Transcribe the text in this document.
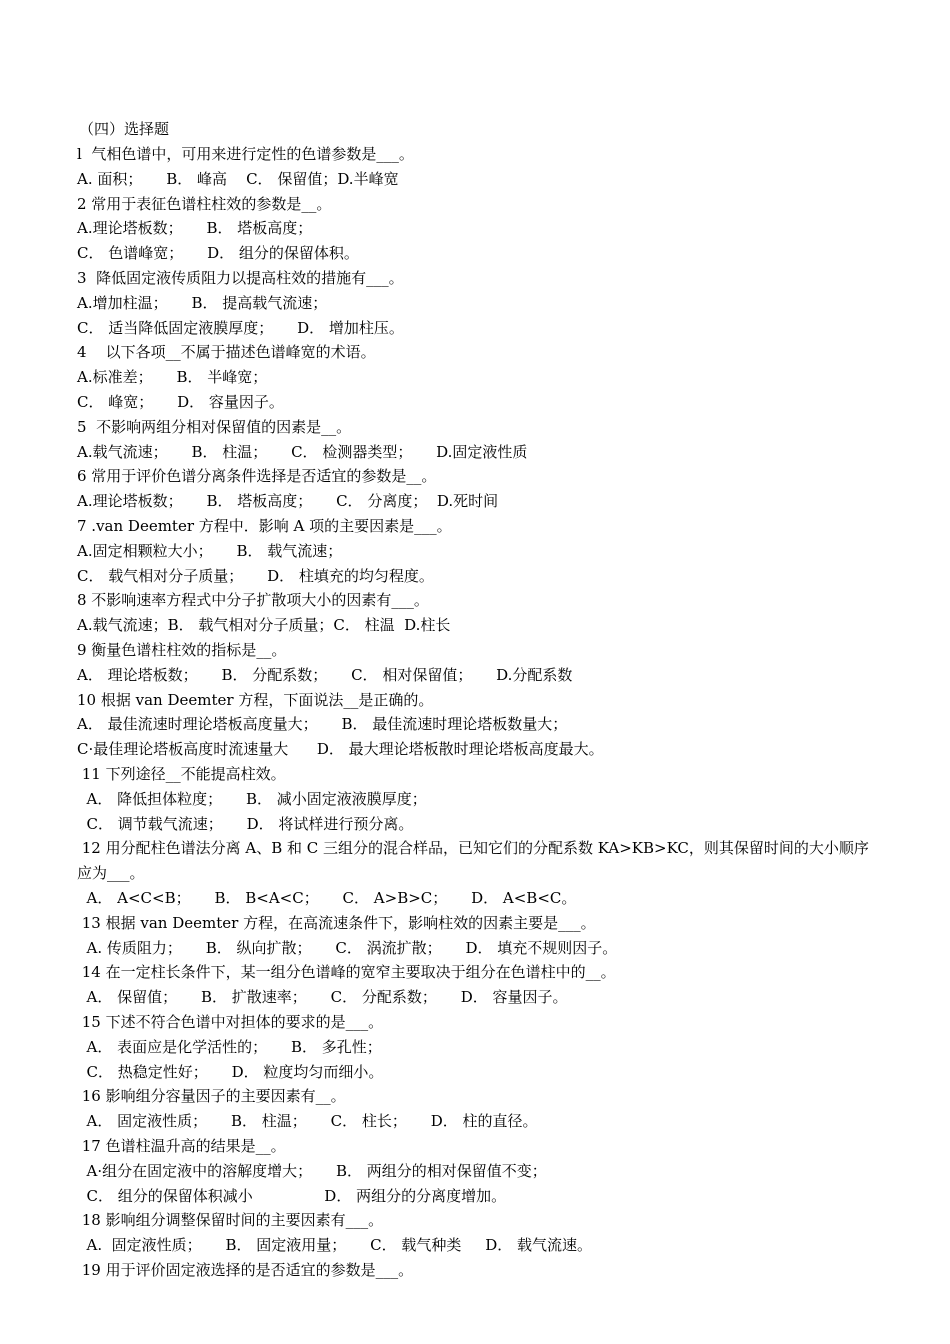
（四）选择题
l  气相色谱中，可用来进行定性的色谱参数是___。
A. 面积；     B． 峰高    C． 保留值；D.半峰宽
2 常用于表征色谱柱柱效的参数是__。
A.理论塔板数；     B． 塔板高度；
C． 色谱峰宽；     D． 组分的保留体积。
3  降低固定液传质阻力以提高柱效的措施有___。
A.增加柱温；     B． 提高载气流速；
C． 适当降低固定液膜厚度；     D． 增加柱压。
4    以下各项__不属于描述色谱峰宽的术语。
A.标准差；     B． 半峰宽；
C． 峰宽；     D． 容量因子。
5  不影响两组分相对保留值的因素是__。
A.载气流速；     B． 柱温；     C． 检测器类型；     D.固定液性质
6 常用于评价色谱分离条件选择是否适宜的参数是__。
A.理论塔板数；     B． 塔板高度；     C． 分离度；  D.死时间
7 .van Deemter 方程中．影响 A 项的主要因素是___。
A.固定相颗粒大小；     B． 载气流速；
C． 载气相对分子质量；     D． 柱填充的均匀程度。
8 不影响速率方程式中分子扩散项大小的因素有___。
A.载气流速；B． 载气相对分子质量；C． 柱温  D.柱长
9 衡量色谱柱柱效的指标是__。
A． 理论塔板数；     B． 分配系数；     C． 相对保留值；     D.分配系数
10 根据 van Deemter 方程，下面说法__是正确的。
A． 最佳流速时理论塔板高度量大；     B． 最佳流速时理论塔板数量大；
C·最佳理论塔板高度时流速量大      D． 最大理论塔板散时理论塔板高度最大。
11 下列途径__不能提高柱效。
A． 降低担体粒度；     B． 减小固定液液膜厚度；
C． 调节载气流速；     D． 将试样进行预分离。
12 用分配柱色谱法分离 A、B 和 C 三组分的混合样品，已知它们的分配系数 KA>KB>KC，则其保留时间的大小顺序
应为___。
A． A<C<B；     B． B<A<C；     C． A>B>C；     D． A<B<C。
13 根据 van Deemter 方程，在高流速条件下，影响柱效的因素主要是___。
A. 传质阻力；     B． 纵向扩散；     C． 涡流扩散；     D． 填充不规则因子。
14 在一定柱长条件下，某一组分色谱峰的宽窄主要取决于组分在色谱柱中的__。
A． 保留值；     B． 扩散速率；     C． 分配系数；     D． 容量因子。
15 下述不符合色谱中对担体的要求的是___。
A． 表面应是化学活性的；     B． 多孔性；
C． 热稳定性好；     D． 粒度均匀而细小。
16 影响组分容量因子的主要因素有__。
A． 固定液性质；     B． 柱温；     C． 柱长；     D． 柱的直径。
17 色谱柱温升高的结果是__。
A·组分在固定液中的溶解度增大；     B． 两组分的相对保留值不变；
C． 组分的保留体积减小               D． 两组分的分离度增加。
18 影响组分调整保留时间的主要因素有___。
A.  固定液性质；     B． 固定液用量；     C． 载气种类     D． 载气流速。
19 用于评价固定液选择的是否适宜的参数是___。
